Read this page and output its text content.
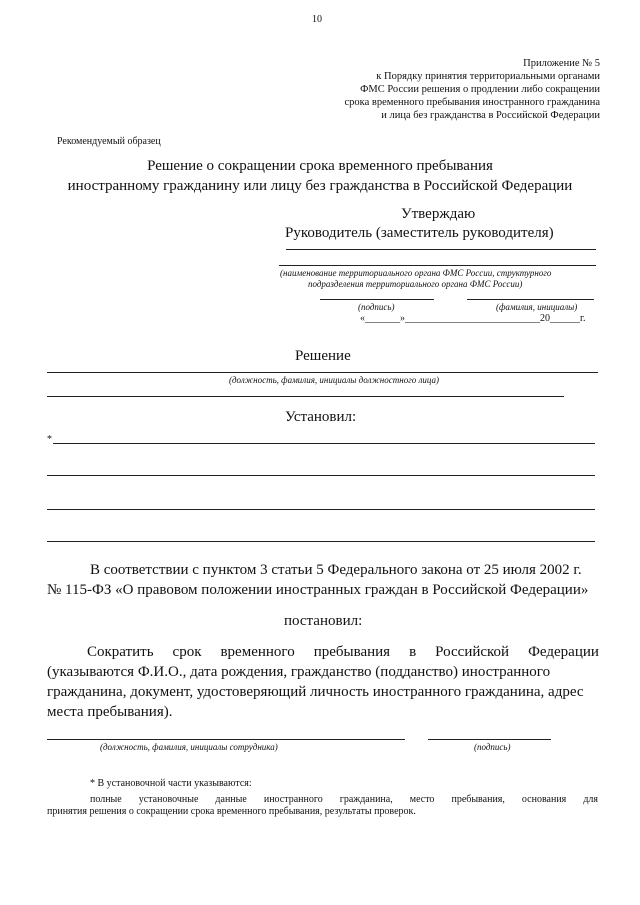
10
Приложение № 5
к Порядку принятия территориальными органами
ФМС России решения о продлении либо сокращении
срока временного пребывания иностранного гражданина
и лица без гражданства в Российской Федерации
Рекомендуемый образец
Решение о сокращении срока временного пребывания
иностранному гражданину или лицу без гражданства в Российской Федерации
Утверждаю
Руководитель (заместитель руководителя)
(наименование территориального органа ФМС России, структурного
подразделения территориального органа ФМС России)
(подпись)	(фамилия, инициалы)
«_______»___________________________20______г.
Решение
(должность, фамилия, инициалы должностного лица)
Установил:
*
В соответствии с пунктом 3 статьи 5 Федерального закона от 25 июля 2002 г.
№ 115-ФЗ «О правовом положении иностранных граждан в Российской Федерации»
постановил:
Сократить срок временного пребывания в Российской Федерации
(указываются Ф.И.О., дата рождения, гражданство (подданство) иностранного
гражданина, документ, удостоверяющий личность иностранного гражданина, адрес
места пребывания).
(должность, фамилия, инициалы сотрудника)	(подпись)
* В установочной части указываются:
полные установочные данные иностранного гражданина, место пребывания, основания для
принятия решения о сокращении срока временного пребывания, результаты проверок.
